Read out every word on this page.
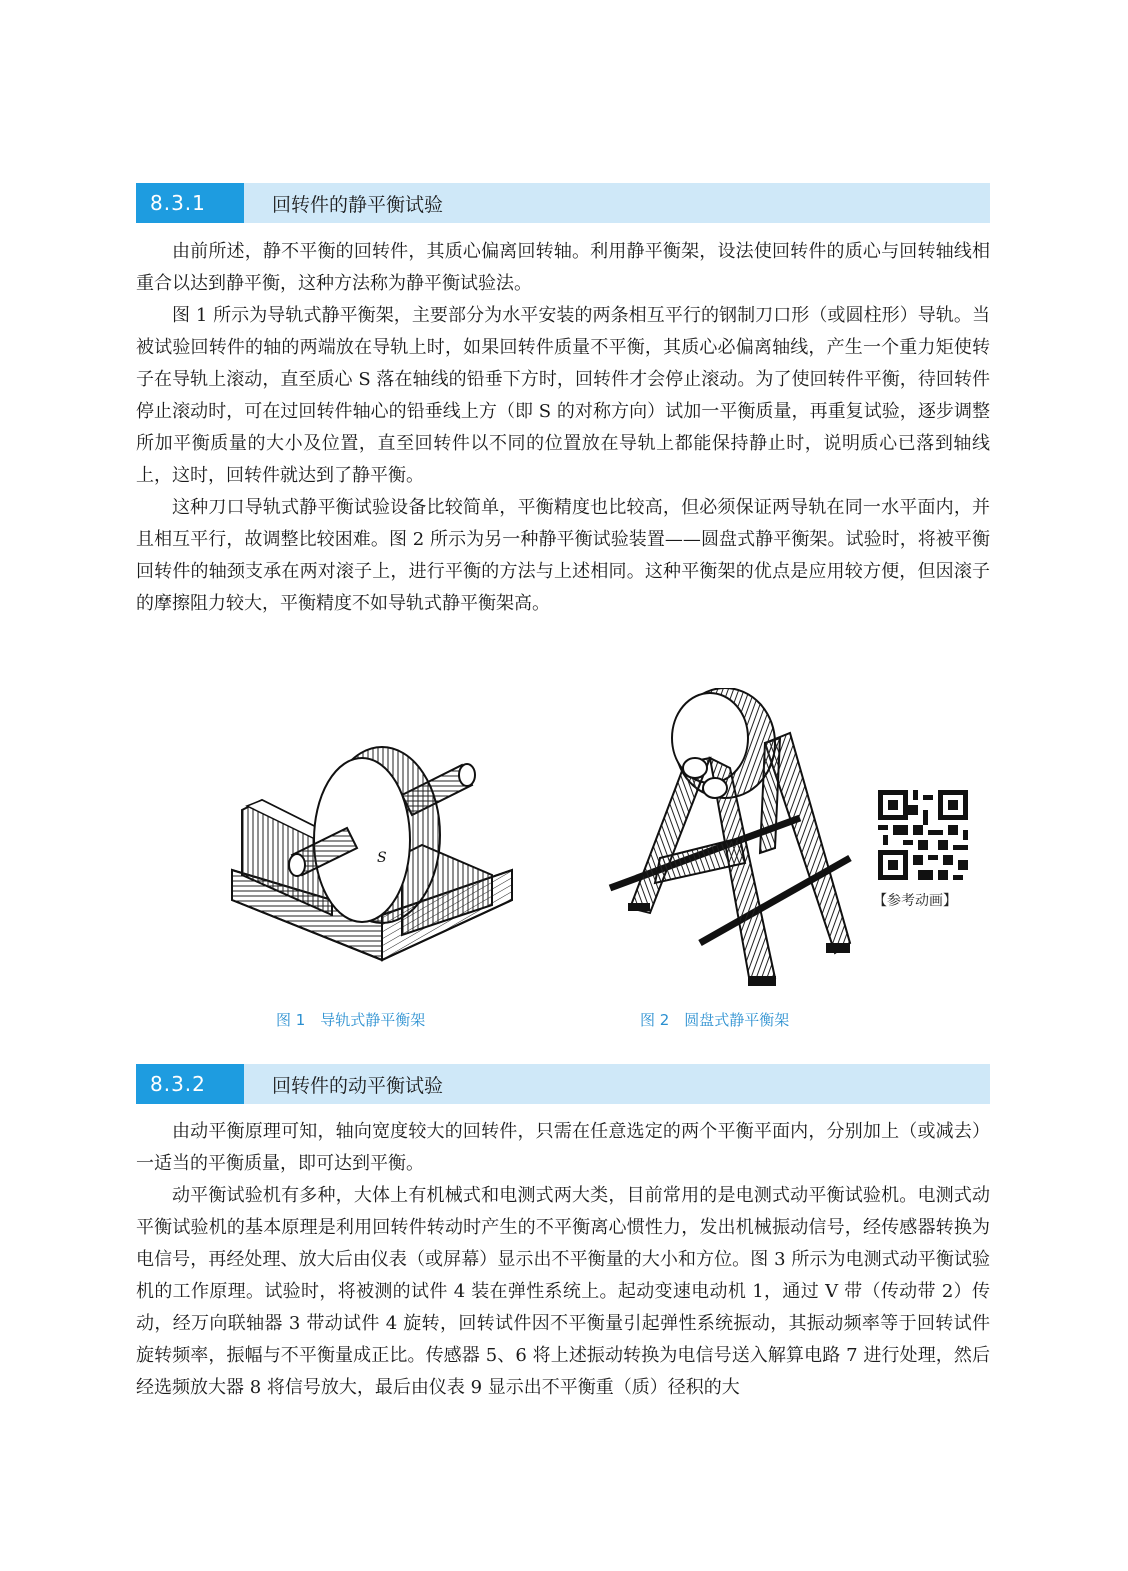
8.3.1	回转件的静平衡试验

由前所述，静不平衡的回转件，其质心偏离回转轴。利用静平衡架，设法使回转件的质心与回转轴线相重合以达到静平衡，这种方法称为静平衡试验法。

图 1 所示为导轨式静平衡架，主要部分为水平安装的两条相互平行的钢制刀口形（或圆柱形）导轨。当被试验回转件的轴的两端放在导轨上时，如果回转件质量不平衡，其质心必偏离轴线，产生一个重力矩使转子在导轨上滚动，直至质心 S 落在轴线的铅垂下方时，回转件才会停止滚动。为了使回转件平衡，待回转件停止滚动时，可在过回转件轴心的铅垂线上方（即 S 的对称方向）试加一平衡质量，再重复试验，逐步调整所加平衡质量的大小及位置，直至回转件以不同的位置放在导轨上都能保持静止时，说明质心已落到轴线上，这时，回转件就达到了静平衡。

这种刀口导轨式静平衡试验设备比较简单，平衡精度也比较高，但必须保证两导轨在同一水平面内，并且相互平行，故调整比较困难。图 2 所示为另一种静平衡试验装置——圆盘式静平衡架。试验时，将被平衡回转件的轴颈支承在两对滚子上，进行平衡的方法与上述相同。这种平衡架的优点是应用较方便，但因滚子的摩擦阻力较大，平衡精度不如导轨式静平衡架高。

S
【参考动画】
图 1　导轨式静平衡架	图 2　圆盘式静平衡架
8.3.2	回转件的动平衡试验

由动平衡原理可知，轴向宽度较大的回转件，只需在任意选定的两个平衡平面内，分别加上（或减去）一适当的平衡质量，即可达到平衡。

动平衡试验机有多种，大体上有机械式和电测式两大类，目前常用的是电测式动平衡试验机。电测式动平衡试验机的基本原理是利用回转件转动时产生的不平衡离心惯性力，发出机械振动信号，经传感器转换为电信号，再经处理、放大后由仪表（或屏幕）显示出不平衡量的大小和方位。图 3 所示为电测式动平衡试验机的工作原理。试验时，将被测的试件 4 装在弹性系统上。起动变速电动机 1，通过 V 带（传动带 2）传动，经万向联轴器 3 带动试件 4 旋转，回转试件因不平衡量引起弹性系统振动，其振动频率等于回转试件旋转频率，振幅与不平衡量成正比。传感器 5、6 将上述振动转换为电信号送入解算电路 7 进行处理，然后经选频放大器 8 将信号放大，最后由仪表 9 显示出不平衡重（质）径积的大
